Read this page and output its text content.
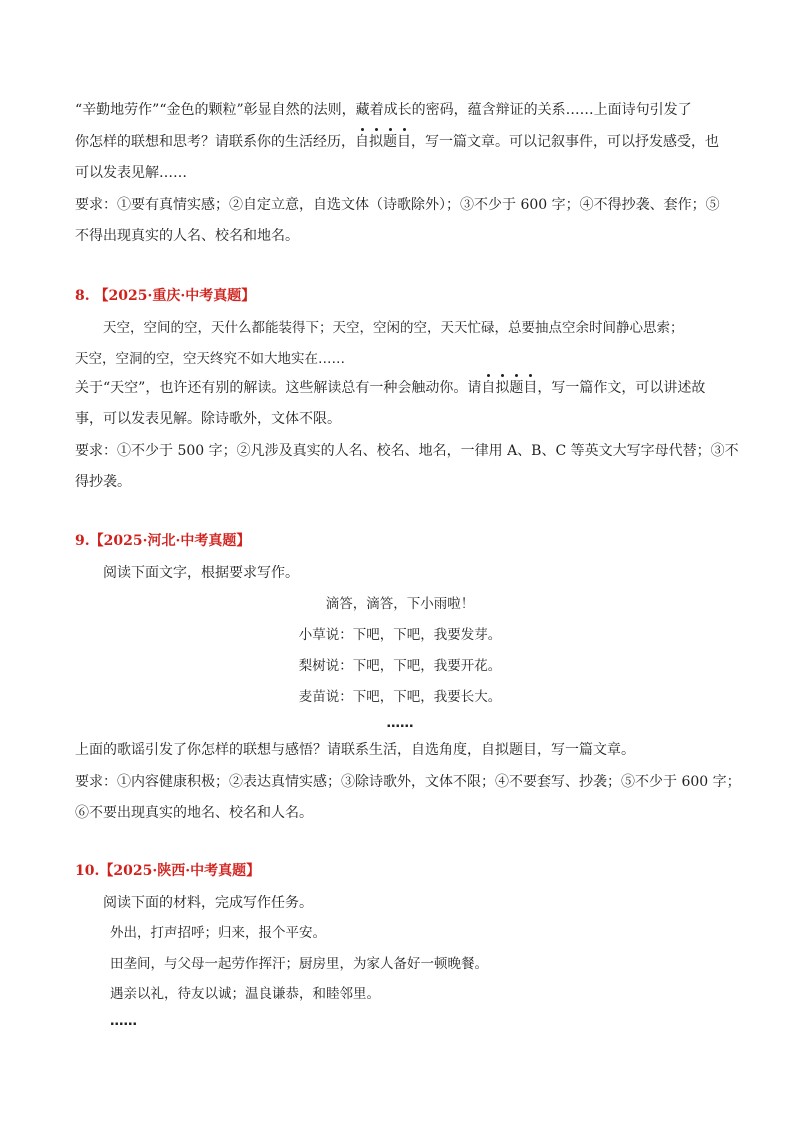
“辛勤地劳作”“金色的颗粒”彰显自然的法则，藏着成长的密码，蕴含辩证的关系……上面诗句引发了
你怎样的联想和思考？请联系你的生活经历，自拟题目，写一篇文章。可以记叙事件，可以抒发感受，也
可以发表见解……
要求：①要有真情实感；②自定立意，自选文体（诗歌除外）；③不少于 600 字；④不得抄袭、套作；⑤
不得出现真实的人名、校名和地名。
8. 【2025·重庆·中考真题】
天空，空间的空，天什么都能装得下；天空，空闲的空，天天忙碌，总要抽点空余时间静心思索；
天空，空洞的空，空天终究不如大地实在……
关于“天空”，也许还有别的解读。这些解读总有一种会触动你。请自拟题目，写一篇作文，可以讲述故
事，可以发表见解。除诗歌外，文体不限。
要求：①不少于 500 字；②凡涉及真实的人名、校名、地名，一律用 A、B、C 等英文大写字母代替；③不
得抄袭。
9.【2025·河北·中考真题】
阅读下面文字，根据要求写作。
滴答，滴答，下小雨啦！
小草说：下吧，下吧，我要发芽。
梨树说：下吧，下吧，我要开花。
麦苗说：下吧，下吧，我要长大。
……
上面的歌谣引发了你怎样的联想与感悟？请联系生活，自选角度，自拟题目，写一篇文章。
要求：①内容健康积极；②表达真情实感；③除诗歌外，文体不限；④不要套写、抄袭；⑤不少于 600 字；
⑥不要出现真实的地名、校名和人名。
10.【2025·陕西·中考真题】
阅读下面的材料，完成写作任务。
外出，打声招呼；归来，报个平安。
田垄间，与父母一起劳作挥汗；厨房里，为家人备好一顿晚餐。
遇亲以礼，待友以诚；温良谦恭，和睦邻里。
……
